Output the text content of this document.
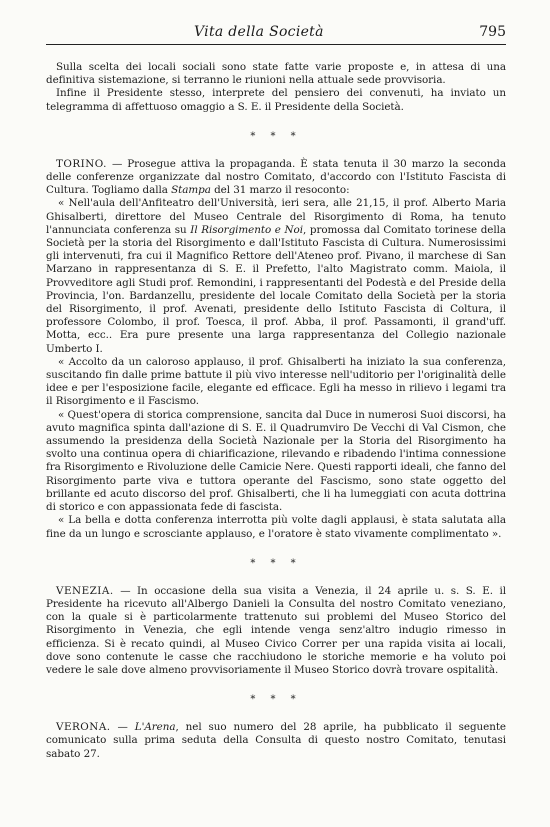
Vita della Società	795

Sulla scelta dei locali sociali sono state fatte varie proposte e, in attesa di una definitiva sistemazione, si terranno le riunioni nella attuale sede provvisoria.

Infine il Presidente stesso, interprete del pensiero dei convenuti, ha inviato un telegramma di affettuoso omaggio a S. E. il Presidente della Società.

* * *

TORINO. — Prosegue attiva la propaganda. È stata tenuta il 30 marzo la seconda delle conferenze organizzate dal nostro Comitato, d'accordo con l'Istituto Fascista di Cultura. Togliamo dalla Stampa del 31 marzo il resoconto:

« Nell'aula dell'Anfiteatro dell'Università, ieri sera, alle 21,15, il prof. Alberto Maria Ghisalberti, direttore del Museo Centrale del Risorgimento di Roma, ha tenuto l'annunciata conferenza su Il Risorgimento e Noi, promossa dal Comitato torinese della Società per la storia del Risorgimento e dall'Istituto Fascista di Cultura. Numerosissimi gli intervenuti, fra cui il Magnifico Rettore dell'Ateneo prof. Pivano, il marchese di San Marzano in rappresentanza di S. E. il Prefetto, l'alto Magistrato comm. Maiola, il Provveditore agli Studi prof. Remondini, i rappresentanti del Podestà e del Preside della Provincia, l'on. Bardanzellu, presidente del locale Comitato della Società per la storia del Risorgimento, il prof. Avenati, presidente dello Istituto Fascista di Coltura, il professore Colombo, il prof. Toesca, il prof. Abba, il prof. Passamonti, il grand'uff. Motta, ecc.. Era pure presente una larga rappresentanza del Collegio nazionale Umberto I.

« Accolto da un caloroso applauso, il prof. Ghisalberti ha iniziato la sua conferenza, suscitando fin dalle prime battute il più vivo interesse nell'uditorio per l'originalità delle idee e per l'esposizione facile, elegante ed efficace. Egli ha messo in rilievo i legami tra il Risorgimento e il Fascismo.

« Quest'opera di storica comprensione, sancita dal Duce in numerosi Suoi discorsi, ha avuto magnifica spinta dall'azione di S. E. il Quadrumviro De Vecchi di Val Cismon, che assumendo la presidenza della Società Nazionale per la Storia del Risorgimento ha svolto una continua opera di chiarificazione, rilevando e ribadendo l'intima connessione fra Risorgimento e Rivoluzione delle Camicie Nere. Questi rapporti ideali, che fanno del Risorgimento parte viva e tuttora operante del Fascismo, sono state oggetto del brillante ed acuto discorso del prof. Ghisalberti, che li ha lumeggiati con acuta dottrina di storico e con appassionata fede di fascista.

« La bella e dotta conferenza interrotta più volte dagli applausi, è stata salutata alla fine da un lungo e scrosciante applauso, e l'oratore è stato vivamente complimentato ».

* * *

VENEZIA. — In occasione della sua visita a Venezia, il 24 aprile u. s. S. E. il Presidente ha ricevuto all'Albergo Danieli la Consulta del nostro Comitato veneziano, con la quale si è particolarmente trattenuto sui problemi del Museo Storico del Risorgimento in Venezia, che egli intende venga senz'altro indugio rimesso in efficienza. Si è recato quindi, al Museo Civico Correr per una rapida visita ai locali, dove sono contenute le casse che racchiudono le storiche memorie e ha voluto poi vedere le sale dove almeno provvisoriamente il Museo Storico dovrà trovare ospitalità.

* * *

VERONA. — L'Arena, nel suo numero del 28 aprile, ha pubblicato il seguente comunicato sulla prima seduta della Consulta di questo nostro Comitato, tenutasi sabato 27.
